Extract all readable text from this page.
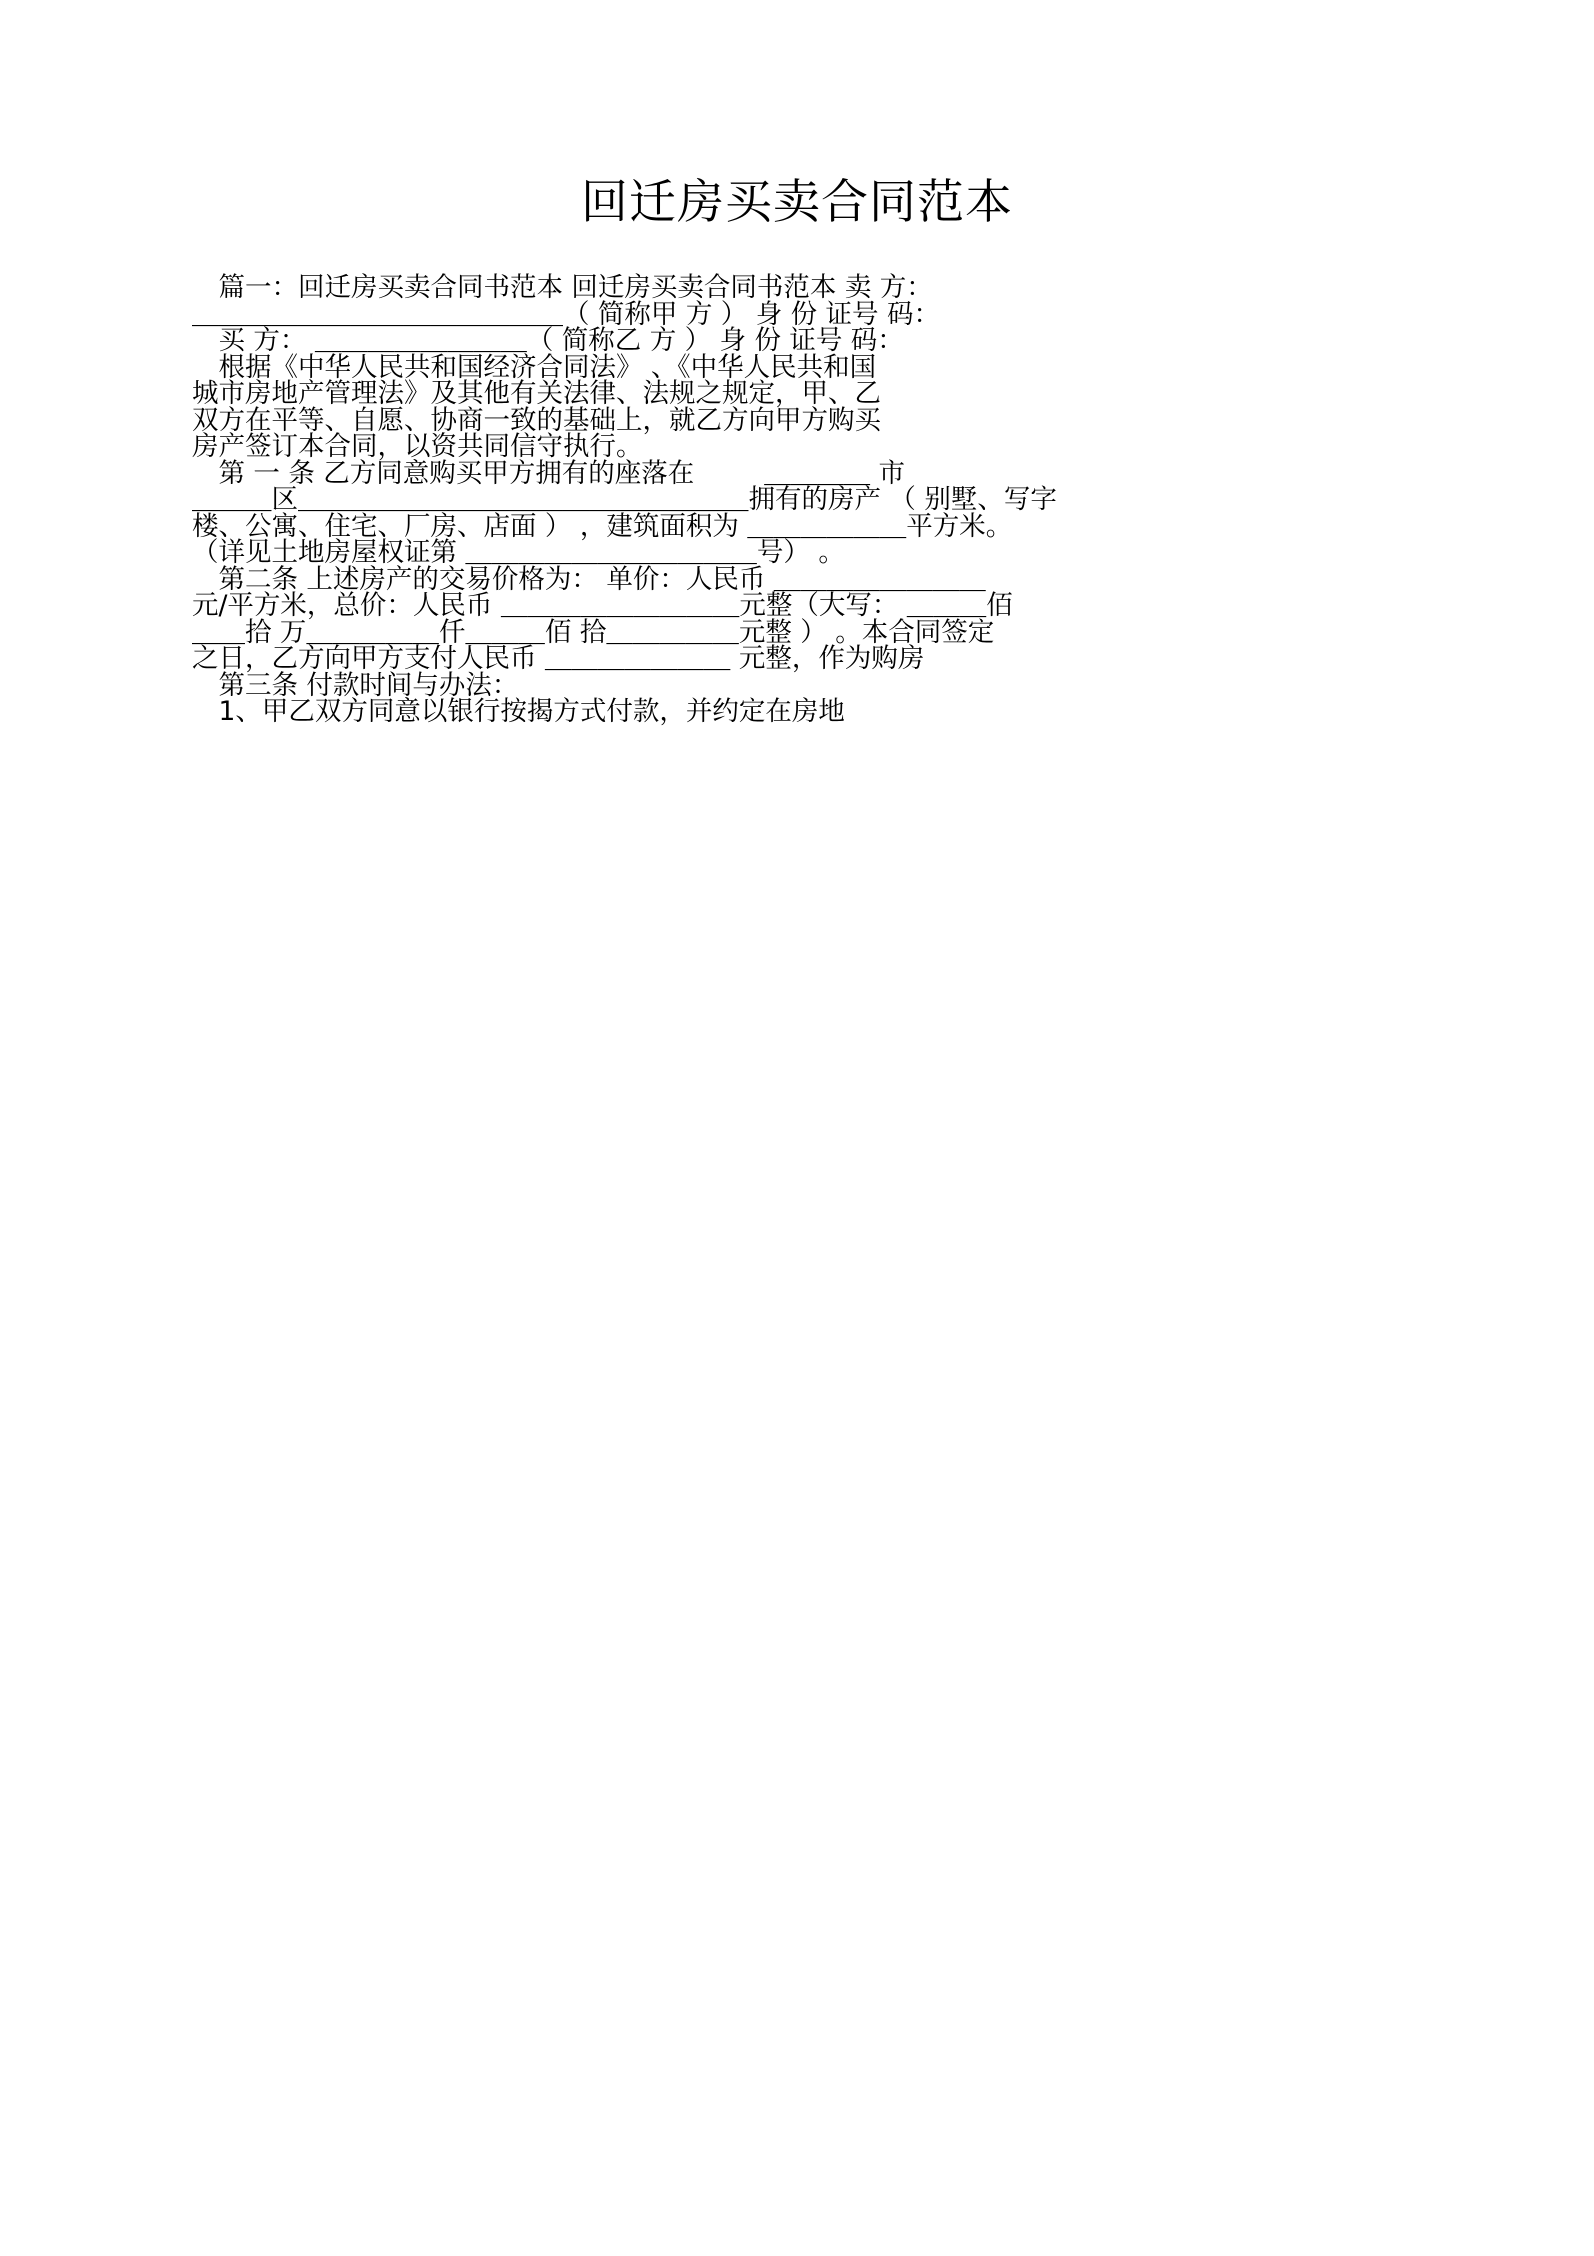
回迁房买卖合同范本

　篇一：回迁房买卖合同书范本 回迁房买卖合同书范本 卖 方：

＿＿＿＿＿＿＿＿＿＿＿＿＿＿（ 简称甲 方 ） 身 份 证号 码：

　买 方： ＿＿＿＿＿＿＿＿（ 简称乙 方 ） 身 份 证号 码：

　根据《中华人民共和国经济合同法》 、《中华人民共和国

城市房地产管理法》及其他有关法律、法规之规定，甲、乙

双方在平等、自愿、协商一致的基础上，就乙方向甲方购买

房产签订本合同，以资共同信守执行。

　第 一 条 乙方同意购买甲方拥有的座落在 　　 ＿＿＿＿ 市

＿＿＿区＿＿＿＿＿＿＿＿＿＿＿＿＿＿＿＿＿拥有的房产 （ 别墅、写字

楼、公寓、住宅、厂房、店面 ） ，建筑面积为 ＿＿＿＿＿＿平方米。

（详见土地房屋权证第 ＿＿＿＿＿＿＿＿＿＿＿号） 。

　第二条 上述房产的交易价格为： 单价：人民币 ＿＿＿＿＿＿＿＿

元/平方米，总价：人民币 ＿＿＿＿＿＿＿＿＿元整（大写： ＿＿＿佰

＿＿拾 万＿＿＿＿＿仟＿＿＿佰 拾＿＿＿＿＿元整 ） 。本合同签定

之日，乙方向甲方支付人民币 ＿＿＿＿＿＿＿ 元整，作为购房

　第三条 付款时间与办法：

　1、甲乙双方同意以银行按揭方式付款，并约定在房地
